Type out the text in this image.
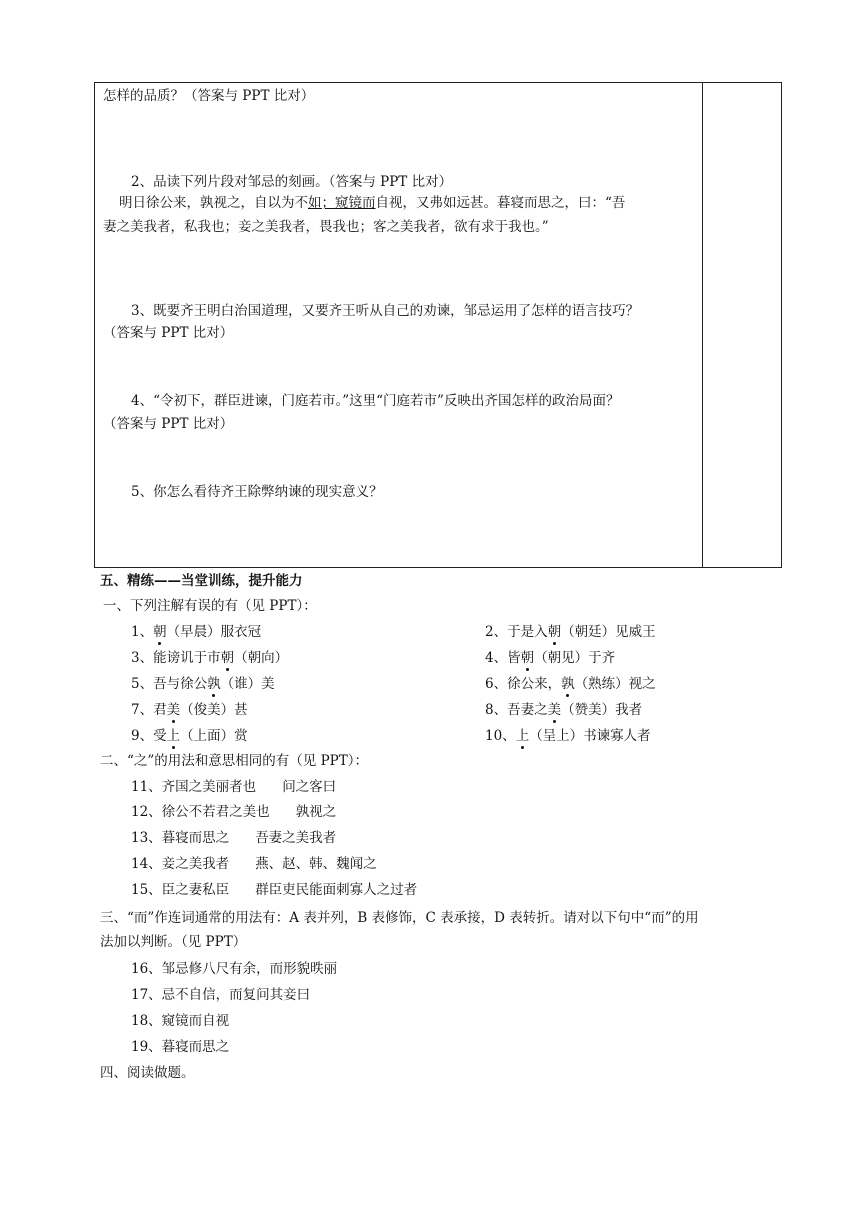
怎样的品质？（答案与 PPT 比对）
2、品读下列片段对邹忌的刻画。（答案与 PPT 比对）
明日徐公来，孰视之，自以为不如；窥镜而自视，又弗如远甚。暮寝而思之，曰：“吾
妻之美我者，私我也；妾之美我者，畏我也；客之美我者，欲有求于我也。”
3、既要齐王明白治国道理，又要齐王听从自己的劝谏，邹忌运用了怎样的语言技巧？
（答案与 PPT 比对）
4、“令初下，群臣进谏，门庭若市。”这里“门庭若市”反映出齐国怎样的政治局面？
（答案与 PPT 比对）
5、你怎么看待齐王除弊纳谏的现实意义？
五、精练——当堂训练，提升能力
一、下列注解有误的有（见 PPT）：
1、朝（早晨）服衣冠	2、于是入朝（朝廷）见威王
3、能谤讥于市朝（朝向）	4、皆朝（朝见）于齐
5、吾与徐公孰（谁）美	6、徐公来，孰（熟练）视之
7、君美（俊美）甚	8、吾妻之美（赞美）我者
9、受上（上面）赏	10、上（呈上）书谏寡人者
二、“之”的用法和意思相同的有（见 PPT）：
11、齐国之美丽者也 问之客曰
12、徐公不若君之美也 孰视之
13、暮寝而思之 吾妻之美我者
14、妾之美我者 燕、赵、韩、魏闻之
15、臣之妻私臣 群臣吏民能面刺寡人之过者
三、“而”作连词通常的用法有：A 表并列，B 表修饰，C 表承接，D 表转折。请对以下句中“而”的用
法加以判断。（见 PPT）
16、邹忌修八尺有余，而形貌昳丽
17、忌不自信，而复问其妾曰
18、窥镜而自视
19、暮寝而思之
四、阅读做题。
